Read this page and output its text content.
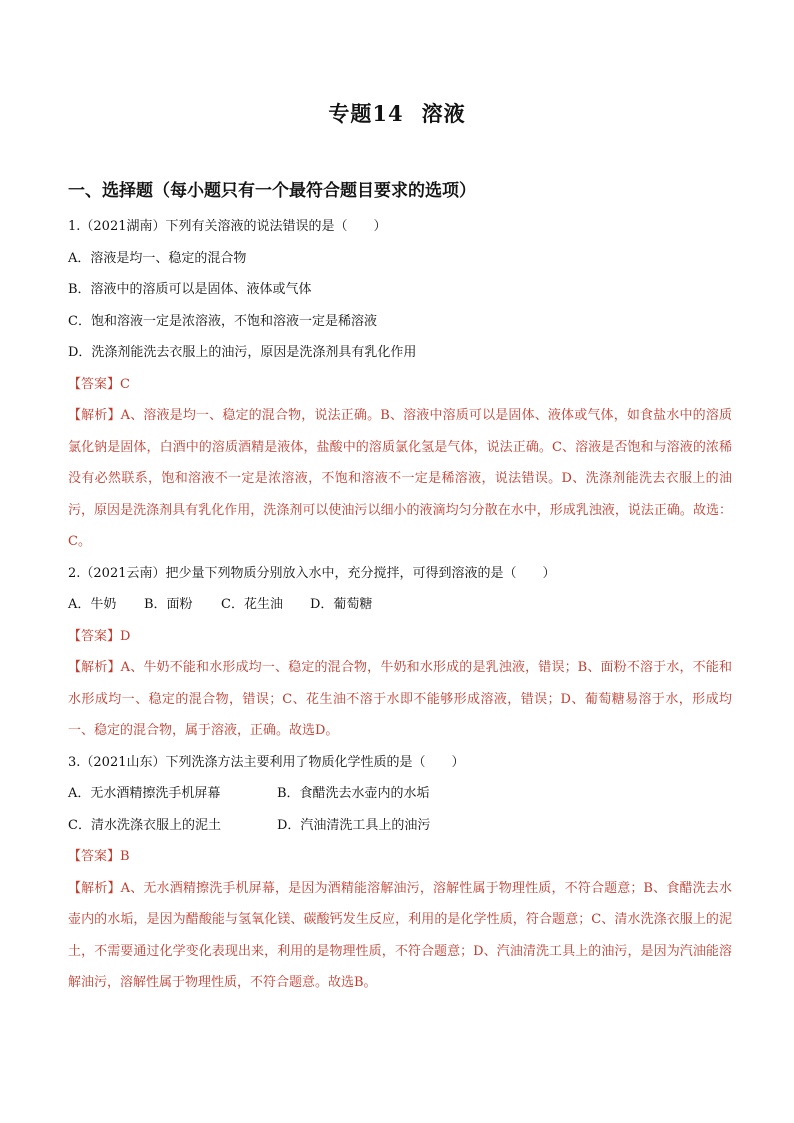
专题14 溶液
一、选择题（每小题只有一个最符合题目要求的选项）
1.（2021湖南）下列有关溶液的说法错误的是（　　）
A．溶液是均一、稳定的混合物
B．溶液中的溶质可以是固体、液体或气体
C．饱和溶液一定是浓溶液，不饱和溶液一定是稀溶液
D．洗涤剂能洗去衣服上的油污，原因是洗涤剂具有乳化作用
【答案】C
【解析】A、溶液是均一、稳定的混合物，说法正确。B、溶液中溶质可以是固体、液体或气体，如食盐水中的溶质氯化钠是固体，白酒中的溶质酒精是液体，盐酸中的溶质氯化氢是气体，说法正确。C、溶液是否饱和与溶液的浓稀没有必然联系，饱和溶液不一定是浓溶液，不饱和溶液不一定是稀溶液，说法错误。D、洗涤剂能洗去衣服上的油污，原因是洗涤剂具有乳化作用，洗涤剂可以使油污以细小的液滴均匀分散在水中，形成乳浊液，说法正确。故选：C。
2.（2021云南）把少量下列物质分别放入水中，充分搅拌，可得到溶液的是（　　）
A．牛奶	B．面粉	C．花生油	D．葡萄糖
【答案】D
【解析】A、牛奶不能和水形成均一、稳定的混合物，牛奶和水形成的是乳浊液，错误；B、面粉不溶于水，不能和水形成均一、稳定的混合物，错误；C、花生油不溶于水即不能够形成溶液，错误；D、葡萄糖易溶于水，形成均一、稳定的混合物，属于溶液，正确。故选D。
3.（2021山东）下列洗涤方法主要利用了物质化学性质的是（　　）
A．无水酒精擦洗手机屏幕	B．食醋洗去水壶内的水垢
C．清水洗涤衣服上的泥土	D．汽油清洗工具上的油污
【答案】B
【解析】A、无水酒精擦洗手机屏幕，是因为酒精能溶解油污，溶解性属于物理性质，不符合题意；B、食醋洗去水壶内的水垢，是因为醋酸能与氢氧化镁、碳酸钙发生反应，利用的是化学性质，符合题意；C、清水洗涤衣服上的泥土，不需要通过化学变化表现出来，利用的是物理性质，不符合题意；D、汽油清洗工具上的油污，是因为汽油能溶解油污，溶解性属于物理性质，不符合题意。故选B。
